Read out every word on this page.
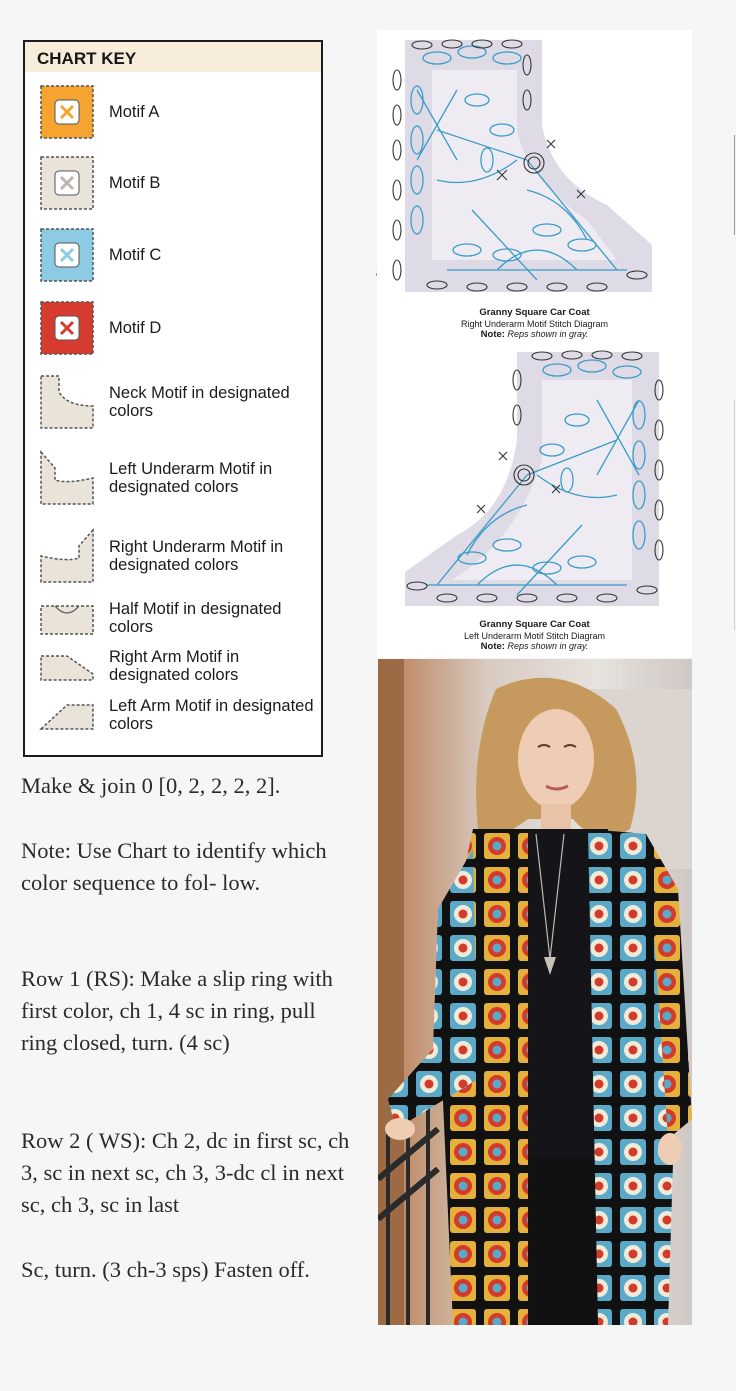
CHART KEY
Motif A
Motif B
Motif C
Motif D
Neck Motif in designated colors
Left Underarm Motif in designated colors
Right Underarm Motif in designated colors
Half Motif in designated colors
Right Arm Motif in designated colors
Left Arm Motif in designated colors

Make & join 0 [0, 2, 2, 2, 2].

Note: Use Chart to identify which color sequence to fol- low.

Row 1 (RS): Make a slip ring with first color, ch 1, 4 sc in ring, pull ring closed, turn. (4 sc)

Row 2 ( WS): Ch 2, dc in first sc, ch 3, sc in next sc, ch 3, 3-dc cl in next sc, ch 3, sc in last

Sc, turn. (3 ch-3 sps) Fasten off.

Granny Square Car Coat
Right Underarm Motif Stitch Diagram
Note: Reps shown in gray.
Granny Square Car Coat
Left Underarm Motif Stitch Diagram
Note: Reps shown in gray.
